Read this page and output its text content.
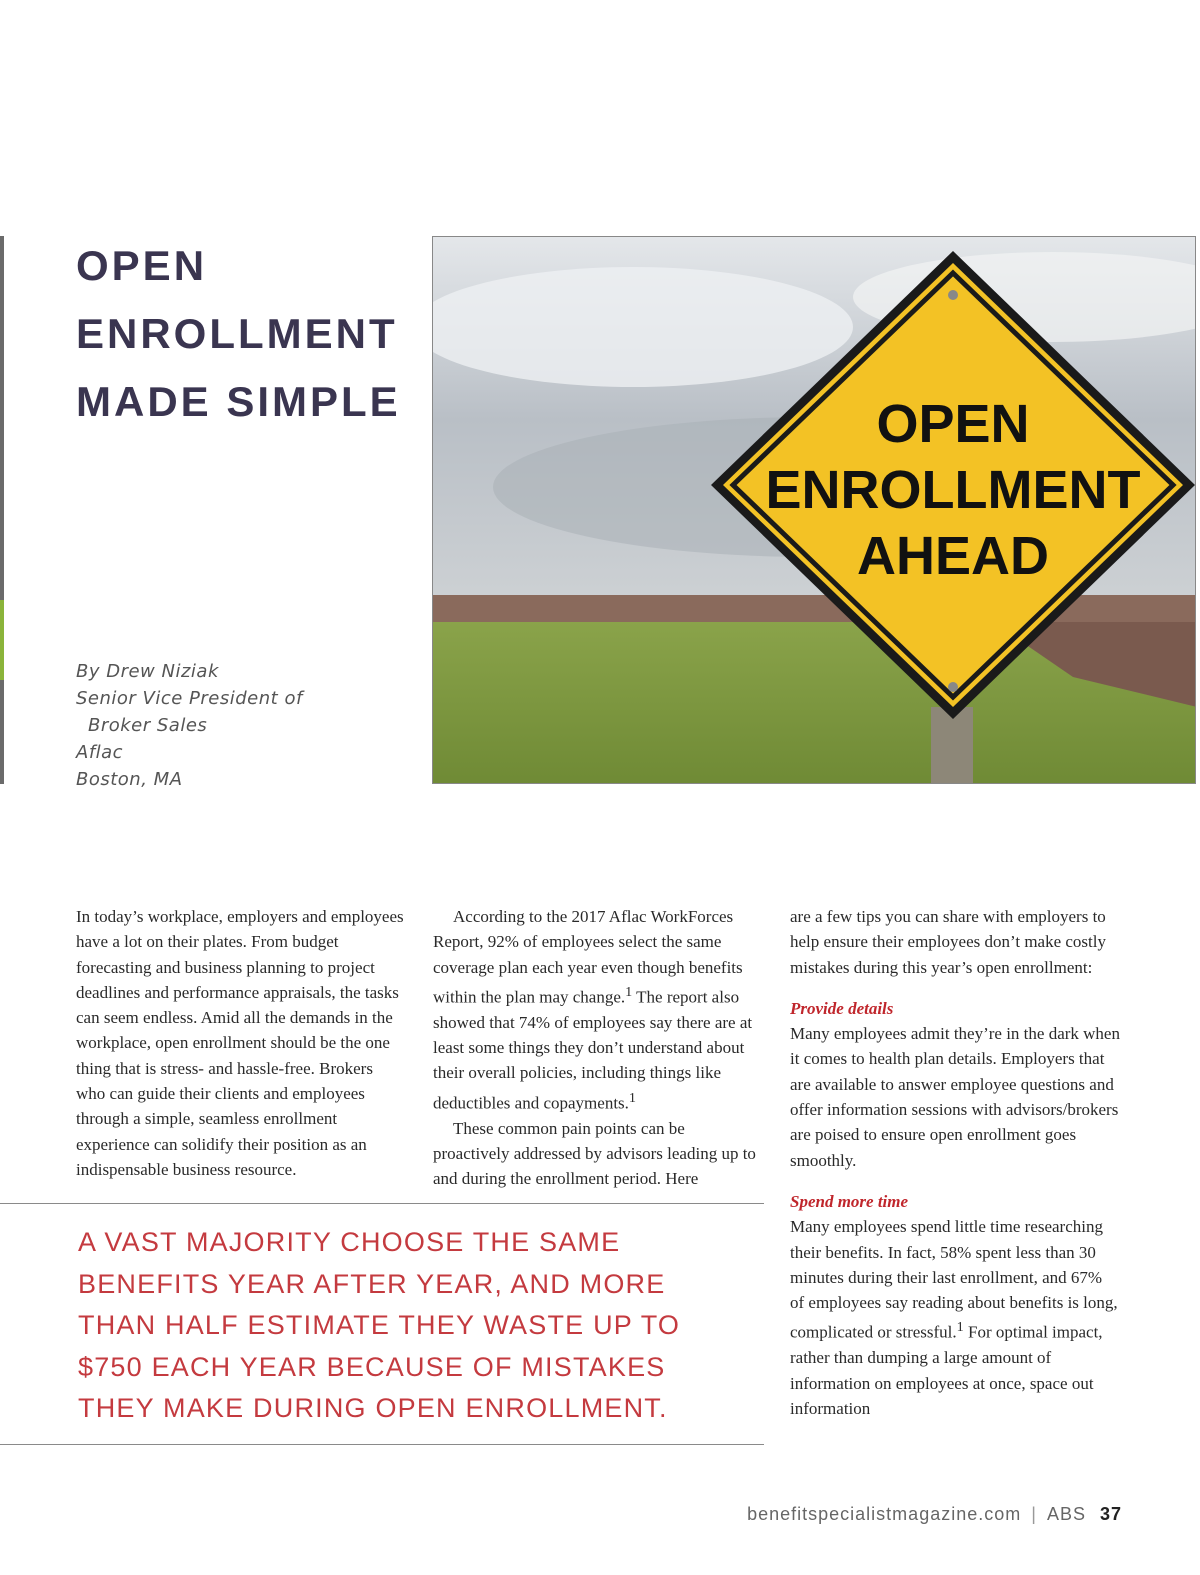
OPEN
ENROLLMENT
MADE SIMPLE
By Drew Niziak
Senior Vice President of
Broker Sales
Aflac
Boston, MA
OPEN
ENROLLMENT
AHEAD

In today’s workplace, employers and employees have a lot on their plates. From budget forecasting and business planning to project deadlines and performance appraisals, the tasks can seem endless. Amid all the demands in the workplace, open enrollment should be the one thing that is stress- and hassle-free. Brokers who can guide their clients and employees through a simple, seamless enrollment experience can solidify their position as an indispensable business resource.

According to the 2017 Aflac WorkForces Report, 92% of employees select the same coverage plan each year even though benefits within the plan may change.$^1$ The report also showed that 74% of employees say there are at least some things they don’t understand about their overall policies, including things like deductibles and copayments.$^1$

These common pain points can be proactively addressed by advisors leading up to and during the enrollment period. Here

are a few tips you can share with employers to help ensure their employees don’t make costly mistakes during this year’s open enrollment:

Provide details

Many employees admit they’re in the dark when it comes to health plan details. Employers that are available to answer employee questions and offer information sessions with advisors/brokers are poised to ensure open enrollment goes smoothly.

Spend more time

Many employees spend little time researching their benefits. In fact, 58% spent less than 30 minutes during their last enrollment, and 67% of employees say reading about benefits is long, complicated or stressful.$^1$ For optimal impact, rather than dumping a large amount of information on employees at once, space out information

A VAST MAJORITY CHOOSE THE SAME
BENEFITS YEAR AFTER YEAR, AND MORE
THAN HALF ESTIMATE THEY WASTE UP TO
$750 EACH YEAR BECAUSE OF MISTAKES
THEY MAKE DURING OPEN ENROLLMENT.
benefitspecialistmagazine.com | ABS 37
